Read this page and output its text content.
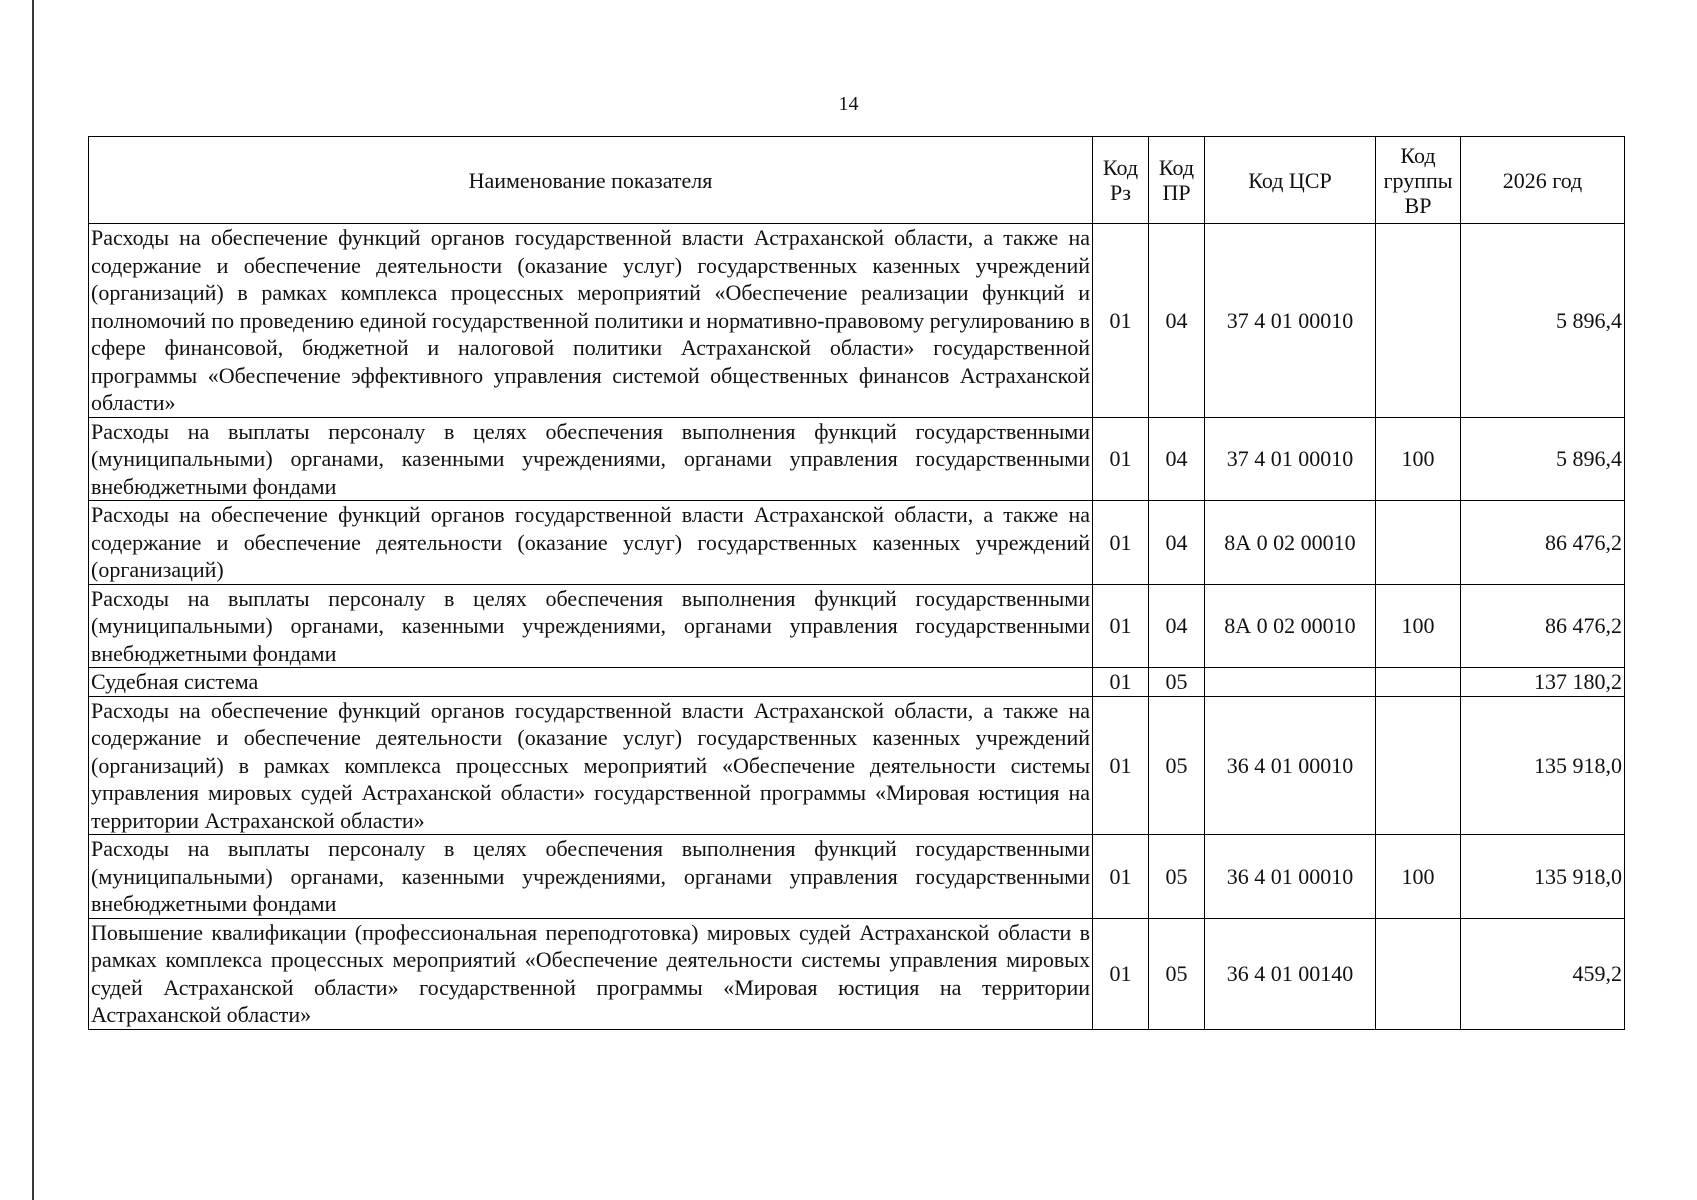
14
Наименование показателя	Код Рз	Код ПР	Код ЦСР	Код группы ВР	2026 год
Расходы на обеспечение функций органов государственной власти Астраханской области, а также на содержание и обеспечение деятельности (оказание услуг) государственных казенных учреждений (организаций) в рамках комплекса процессных мероприятий «Обеспечение реализации функций и полномочий по проведению единой государственной политики и нормативно-правовому регулированию в сфере финансовой, бюджетной и налоговой политики Астраханской области» государственной программы «Обеспечение эффективного управления системой общественных финансов Астраханской области»	01	04	37 4 01 00010		5 896,4
Расходы на выплаты персоналу в целях обеспечения выполнения функций государственными (муниципальными) органами, казенными учреждениями, органами управления государственными внебюджетными фондами	01	04	37 4 01 00010	100	5 896,4
Расходы на обеспечение функций органов государственной власти Астраханской области, а также на содержание и обеспечение деятельности (оказание услуг) государственных казенных учреждений (организаций)	01	04	8А 0 02 00010		86 476,2
Расходы на выплаты персоналу в целях обеспечения выполнения функций государственными (муниципальными) органами, казенными учреждениями, органами управления государственными внебюджетными фондами	01	04	8А 0 02 00010	100	86 476,2
Судебная система	01	05			137 180,2
Расходы на обеспечение функций органов государственной власти Астраханской области, а также на содержание и обеспечение деятельности (оказание услуг) государственных казенных учреждений (организаций) в рамках комплекса процессных мероприятий «Обеспечение деятельности системы управления мировых судей Астраханской области» государственной программы «Мировая юстиция на территории Астраханской области»	01	05	36 4 01 00010		135 918,0
Расходы на выплаты персоналу в целях обеспечения выполнения функций государственными (муниципальными) органами, казенными учреждениями, органами управления государственными внебюджетными фондами	01	05	36 4 01 00010	100	135 918,0
Повышение квалификации (профессиональная переподготовка) мировых судей Астраханской области в рамках комплекса процессных мероприятий «Обеспечение деятельности системы управления мировых судей Астраханской области» государственной программы «Мировая юстиция на территории Астраханской области»	01	05	36 4 01 00140		459,2
